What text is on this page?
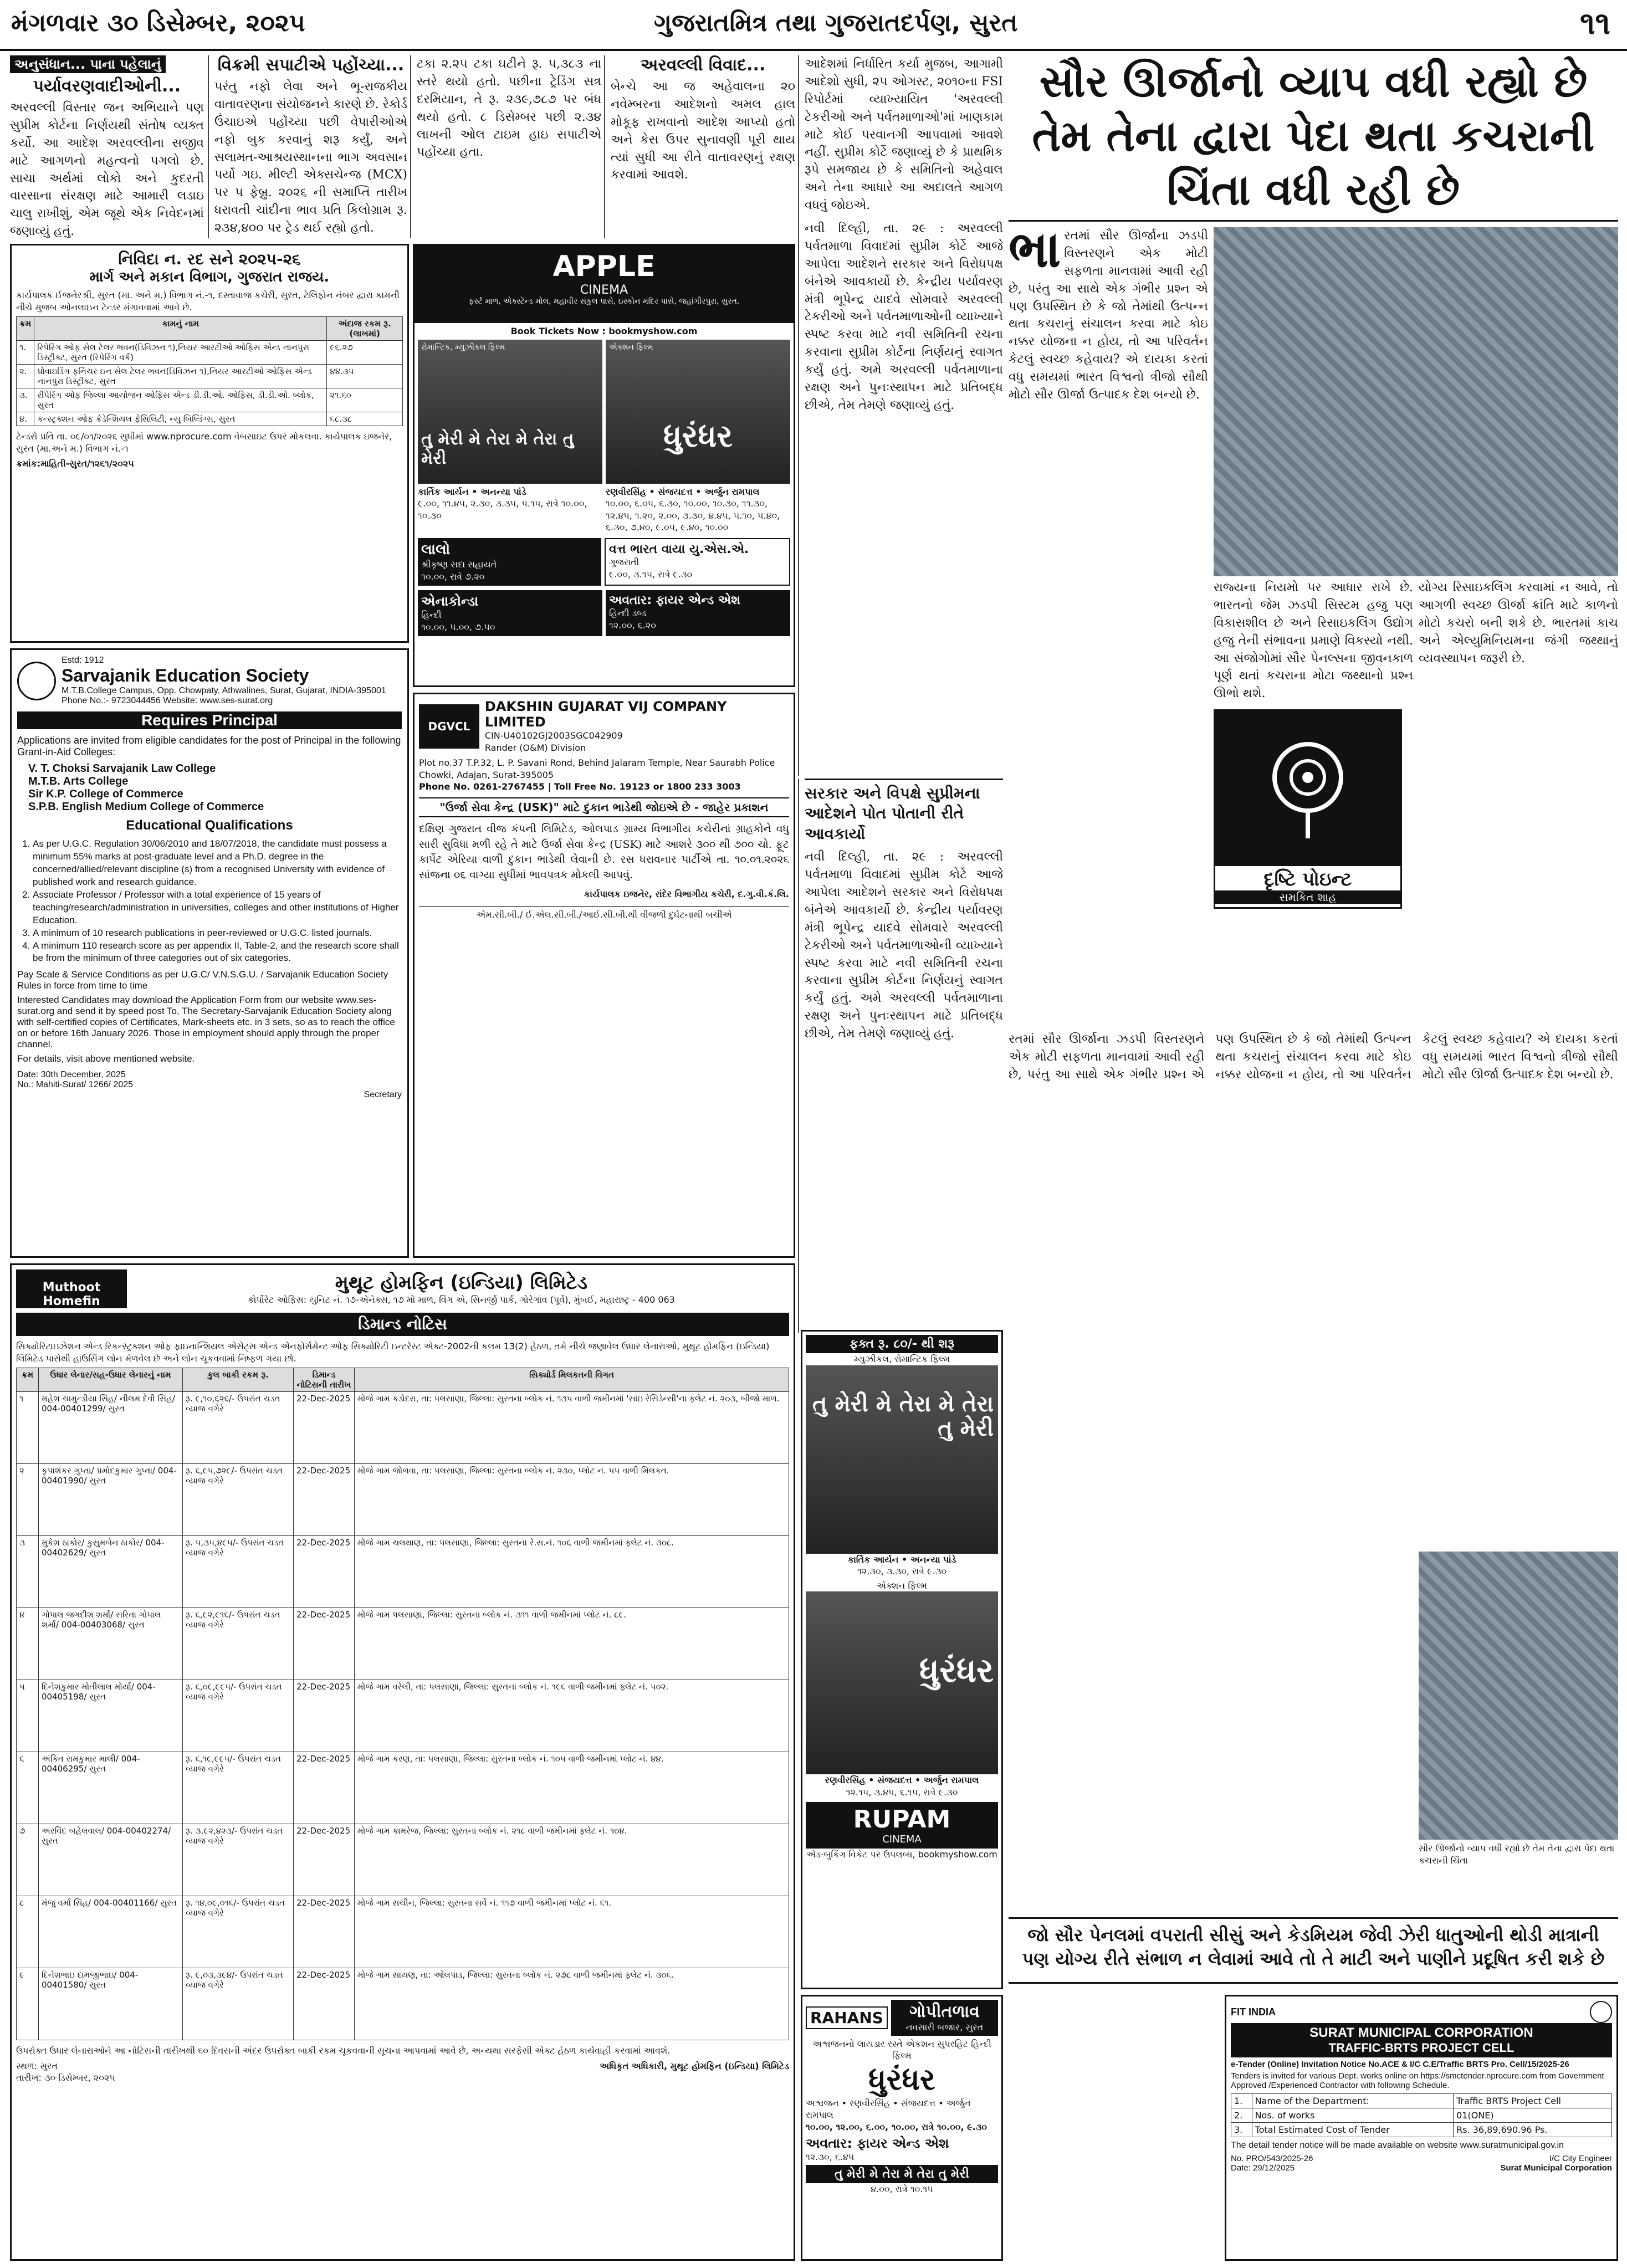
મંગળવાર ૩૦ ડિસેમ્બર, ૨૦૨૫	ગુજરાતમિત્ર તથા ગુજરાતદર્પણ, સુરત	૧૧
અનુસંધાન... પાના પહેલાનું
પર્યાવરણવાદીઓની...
અરવલ્લી વિસ્તાર જન અભિયાને પણ સુપ્રીમ કોર્ટના નિર્ણયથી સંતોષ વ્યક્ત કર્યો. આ આદેશ અરવલ્લીના સજીવ માટે આગળનો મહત્વનો પગલો છે. સાચા અર્થમાં લોકો અને કુદરતી વારસાના સંરક્ષણ માટે આમારી લડાઇ ચાલુ રાખીશું, એમ જૂથે એક નિવેદનમાં જણાવ્યું હતું.
વિક્રમી સપાટીએ પહોંચ્યા...
પરંતુ નફો લેવા અને ભૂ-રાજકીય વાતાવરણના સંયોજનને કારણે છે. રેકોર્ડ ઉંચાઇએ પહોંચ્યા પછી વેપારીઓએ નફો બુક કરવાનું શરૂ કર્યું, અને સલામત-આશ્રયસ્થાનના ભાગ અવસાન પર્યો ગઇ. મીલ્ટી એક્સચેન્જ (MCX) પર ૫ ફેબ્રુ. ૨૦૨૬ ની સમાપ્તિ તારીખ ધરાવતી ચાંદીના ભાવ પ્રતિ કિલોગ્રામ રૂ. ૨૩૪,૪૦૦ પર ટ્રેડ થઈ રહ્યો હતો.
ટકા ૨.૨૫ ટકા ઘટીને રૂ. ૫,૩૮૩ ના સ્તરે થયો હતો. પછીના ટ્રેડિંગ સત્ર દરમિયાન, તે રૂ. ૨૩૯,૭૮૭ પર બંધ થયો હતો. ૮ ડિસેમ્બર પછી ૨.૩૪ લાખની ઓલ ટાઇમ હાઇ સપાટીએ પહોંચ્યા હતા.
અરવલ્લી વિવાદ...
બેન્ચે આ જ અહેવાલના ૨૦ નવેમ્બરના આદેશનો અમલ હાલ મોકૂફ રાખવાનો આદેશ આપ્યો હતો અને કેસ ઉપર સુનાવણી પૂરી થાય ત્યાં સુધી આ રીતે વાતાવરણનું રક્ષણ કરવામાં આવશે.
આદેશમાં નિર્ધારિત કર્યા મુજબ, આગામી આદેશો સુધી, ૨૫ ઓગસ્ટ, ૨૦૧૦ના FSI રિપોર્ટમાં વ્યાખ્યાયિત 'અરવલ્લી ટેકરીઓ અને પર્વતમાળાઓ'માં ખાણકામ માટે કોઈ પરવાનગી આપવામાં આવશે નહીં. સુપ્રીમ કોર્ટે જણાવ્યું છે કે પ્રાથમિક રૂપે સમજાય છે કે સમિતિનો અહેવાલ અને તેના આધારે આ અદાલતે આગળ વધવું જોઇએ.
નવી દિલ્હી, તા. ૨૯ : અરવલ્લી પર્વતમાળા વિવાદમાં સુપ્રીમ કોર્ટે આજે આપેલા આદેશને સરકાર અને વિરોધપક્ષ બંનેએ આવકાર્યો છે. કેન્દ્રીય પર્યાવરણ મંત્રી ભૂપેન્દ્ર યાદવે સોમવારે અરવલ્લી ટેકરીઓ અને પર્વતમાળાઓની વ્યાખ્યાને સ્પષ્ટ કરવા માટે નવી સમિતિની રચના કરવાના સુપ્રીમ કોર્ટના નિર્ણયનું સ્વાગત કર્યું હતું. અમે અરવલ્લી પર્વતમાળાના રક્ષણ અને પુનઃસ્થાપન માટે પ્રતિબદ્ધ છીએ, તેમ તેમણે જણાવ્યું હતું.
સૌર ઊર્જાનો વ્યાપ વધી રહ્યો છે તેમ તેના દ્વારા પેદા થતા કચરાની ચિંતા વધી રહી છે
ભા રતમાં સૌર ઊર્જાના ઝડપી વિસ્તરણને એક મોટી સફળતા માનવામાં આવી રહી છે, પરંતુ આ સાથે એક ગંભીર પ્રશ્ન એ પણ ઉપસ્થિત છે કે જો તેમાંથી ઉત્પન્ન થતા કચરાનું સંચાલન કરવા માટે કોઇ નક્કર યોજના ન હોય, તો આ પરિવર્તન કેટલું સ્વચ્છ કહેવાય? એ દાયકા કરતાં વધુ સમયમાં ભારત વિશ્વનો ત્રીજો સૌથી મોટો સૌર ઊર્જા ઉત્પાદક દેશ બન્યો છે.
રાજ્યના નિયમો પર આધાર રાખે છે. ભારતનો જેમ ઝડપી સિસ્ટમ હજુ પણ વિકાસશીલ છે અને રિસાઇકલિંગ ઉદ્યોગ હજુ તેની સંભાવના પ્રમાણે વિકસ્યો નથી. આ સંજોગોમાં સૌર પેનલ્સના જીવનકાળ પૂર્ણ થતાં કચરાના મોટા જથ્થાનો પ્રશ્ન ઊભો થશે.
યોગ્ય રિસાઇકલિંગ કરવામાં ન આવે, તો આગળી સ્વચ્છ ઊર્જા ક્રાંતિ માટે કાળનો મોટો કચરો બની શકે છે. ભારતમાં કાચ અને એલ્યુમિનિયમના જંગી જથ્થાનું વ્યવસ્થાપન જરૂરી છે.
દૃષ્ટિ પોઇન્ટ
સમકિત શાહ
રતમાં સૌર ઊર્જાના ઝડપી વિસ્તરણને એક મોટી સફળતા માનવામાં આવી રહી છે, પરંતુ આ સાથે એક ગંભીર પ્રશ્ન એ પણ ઉપસ્થિત છે કે જો તેમાંથી ઉત્પન્ન થતા કચરાનું સંચાલન કરવા માટે કોઇ નક્કર યોજના ન હોય, તો આ પરિવર્તન કેટલું સ્વચ્છ કહેવાય? એ દાયકા કરતાં વધુ સમયમાં ભારત વિશ્વનો ત્રીજો સૌથી મોટો સૌર ઊર્જા ઉત્પાદક દેશ બન્યો છે.
જો સૌર પેનલમાં વપરાતી સીસું અને કેડમિયમ જેવી ઝેરી ધાતુઓની થોડી માત્રાની પણ યોગ્ય રીતે સંભાળ ન લેવામાં આવે તો તે માટી અને પાણીને પ્રદૂષિત કરી શકે છે
નિવિદા ન. રદ સને ૨૦૨૫-૨૬
માર્ગ અને મકાન વિભાગ, ગુજરાત રાજય.
કાર્યપાલક ઈજનેરશ્રી, સુરત (મા. અને મ.) વિભાગ નં.-૧, દસ્તાવાજ કચેરી, સુરત, ટેલિફોન નંબર દ્વારા કામની નીચે મુજબ ઓનલાઇન ટેન્ડર મંગાવવામાં આવે છે.
ક્રમ	કામનું નામ	અંદાજ રકમ રૂ.(લાખમાં)
૧.	રિપેરિંગ ઓફ સેલ ટેલર ભવન(ડિવિઝન ૧),નિયર આરટીઓ ઓફિસ એન્ડ નાનપુરા ડિસ્ટ્રીક્ટ, સુરત (રિપેરિંગ વર્ક)	૯૬.૨૭
૨.	પ્રોવાઇડિંગ ફર્નિચર ઇન સેલ ટેલર ભવન(ડિવિઝન ૧),નિયર આરટીઓ ઓફિસ એન્ડ નાનપુરા ડિસ્ટ્રીક્ટ, સુરત	૪૪.૩૫
૩.	રીપેરિંગ ઓફ જિલ્લા આયોજન ઓફિસ એન્ડ ડી.ડી.ઓ. ઓફિસ, ડી.ડી.ઓ. બ્લોક, સુરત	૨૧.૬૦
૪.	કન્સ્ટ્રક્શન ઓફ ક્રેડેન્શિયલ ફેસિલિટી, ન્યુ બિલ્ડિંગ્સ, સુરત	૬૮.૩૮
ટેન્ડરો પ્રતિ તા. ૦૯/૦૧/૨૦૨૬ સુધીમાં www.nprocure.com વેબસાઇટ ઉપર મોકલવા. કાર્યપાલક ઇજનેર, સુરત (મા.અને મ.) વિભાગ નં.-૧
ક્રમાંક:માહિતી-સુરત/૧૨૬૧/૨૦૨૫
Estd: 1912
Sarvajanik Education Society
M.T.B.College Campus, Opp. Chowpaty, Athwalines, Surat, Gujarat, INDIA-395001
Phone No.:- 9723044456 Website: www.ses-surat.org
Requires Principal
Applications are invited from eligible candidates for the post of Principal in the following Grant-in-Aid Colleges:
V. T. Choksi Sarvajanik Law College
M.T.B. Arts College
Sir K.P. College of Commerce
S.P.B. English Medium College of Commerce
Educational Qualifications
1. As per U.G.C. Regulation 30/06/2010 and 18/07/2018, the candidate must possess a minimum 55% marks at post-graduate level and a Ph.D. degree in the concerned/allied/relevant discipline (s) from a recognised University with evidence of published work and research guidance.
2. Associate Professor / Professor with a total experience of 15 years of teaching/research/administration in universities, colleges and other institutions of Higher Education.
3. A minimum of 10 research publications in peer-reviewed or U.G.C. listed journals.
4. A minimum 110 research score as per appendix II, Table-2, and the research score shall be from the minimum of three categories out of six categories.
Pay Scale & Service Conditions as per U.G.C/ V.N.S.G.U. / Sarvajanik Education Society Rules in force from time to time
Interested Candidates may download the Application Form from our website www.ses-surat.org and send it by speed post To, The Secretary-Sarvajanik Education Society along with self-certified copies of Certificates, Mark-sheets etc. in 3 sets, so as to reach the office on or before 16th January 2026. Those in employment should apply through the proper channel.
For details, visit above mentioned website.
Date: 30th December, 2025
No.: Mahiti-Surat/ 1266/ 2025
Secretary
APPLE
CINEMA
ફર્સ્ટ માળ, એક્સ્ટેન્ડ મોલ, મહાવીર સંકુલ પાસે, ઇસ્કોન મંદિર પાસે, જહાંગીરપુરા, સુરત.
Book Tickets Now : bookmyshow.com
રોમાન્ટિક, મ્યુઝીકલ ફિલ્મ
તુ મેરી મે તેરા મે તેરા તુ મેરી
એક્શન ફિલ્મ
ધુરંધર
કાર્તિક આર્યન • અનન્યા પાંડે
૯.૦૦, ૧૧.૪૫, ૨.૩૦, ૩.૩૫, ૫.૧૫, રાત્રે ૧૦.૦૦, ૧૦.૩૦
રણવીરસિંહ • સંજયદત્ત • અર્જુન રામપાલ
૧૦.૦૦, ૬.૦૫, ૬.૩૦, ૧૦.૦૦, ૧૦.૩૦, ૧૧.૩૦, ૧૨.૪૫, ૧.૨૦, ૨.૦૦, ૩.૩૦, ૪.૪૫, ૫.૧૦, ૫.૪૦, ૬.૩૦, ૭.૪૦, ૯.૦૫, ૯.૪૦, ૧૦.૦૦
લાલો
શ્રીકૃષ્ણ સદા સહાયતે
૧૦.૦૦, રાત્રે ૭.૨૦
વત્ત ભારત વાયા યુ.એસ.એ.
ગુજરાતી
૯.૦૦, ૩.૧૫, રાત્રે ૯.૩૦
એનાકોન્ડા
હિન્દી
૧૦.૦૦, ૫.૦૦, ૭.૫૦
અવતાર: ફાયર એન્ડ એશ
હિન્દી ડબ્ડ
૧૨.૦૦, ૬.૨૦
DGVCL
DAKSHIN GUJARAT VIJ COMPANY LIMITED
CIN-U40102GJ2003SGC042909
Rander (O&M) Division
Plot no.37 T.P.32, L. P. Savani Rond, Behind Jalaram Temple, Near Saurabh Police Chowki, Adajan, Surat-395005
Phone No. 0261-2767455 | Toll Free No. 19123 or 1800 233 3003
"ઉર્જા સેવા કેન્દ્ર (USK)" માટે દુકાન ભાડેથી જોઇએ છે - જાહેર પ્રકાશન
દક્ષિણ ગુજરાત વીજ કંપની લિમિટેડ, ઓલપાડ ગ્રામ્ય વિભાગીય કચેરીનાં ગ્રાહકોને વધુ સારી સુવિધા મળી રહે તે માટે ઉર્જા સેવા કેન્દ્ર (USK) માટે આશરે ૩૦૦ થી ૭૦૦ ચો. ફૂટ કાર્પેટ એરિયા વાળી દુકાન ભાડેથી લેવાની છે. રસ ધરાવનાર પાર્ટીએ તા. ૧૦.૦૧.૨૦૨૬ સાંજના ૦૬ વાગ્યા સુધીમાં ભાવપત્રક મોકલી આપવું.
કાર્યપાલક ઇજનેર, રાંદેર વિભાગીય કચેરી, દ.ગુ.વી.કં.લિ.
એમ.સી.બી./ ઈ.એલ.સી.બી./આઈ.સી.બી.થી વીજળી દુર્ઘટનાથી બચીએ
સરકાર અને વિપક્ષે સુપ્રીમના આદેશને પોત પોતાની રીતે આવકાર્યો
નવી દિલ્હી, તા. ૨૯ : અરવલ્લી પર્વતમાળા વિવાદમાં સુપ્રીમ કોર્ટે આજે આપેલા આદેશને સરકાર અને વિરોધપક્ષ બંનેએ આવકાર્યો છે. કેન્દ્રીય પર્યાવરણ મંત્રી ભૂપેન્દ્ર યાદવે સોમવારે અરવલ્લી ટેકરીઓ અને પર્વતમાળાઓની વ્યાખ્યાને સ્પષ્ટ કરવા માટે નવી સમિતિની રચના કરવાના સુપ્રીમ કોર્ટના નિર્ણયનું સ્વાગત કર્યું હતું. અમે અરવલ્લી પર્વતમાળાના રક્ષણ અને પુનઃસ્થાપન માટે પ્રતિબદ્ધ છીએ, તેમ તેમણે જણાવ્યું હતું.
ફક્ત રૂ. ૮૦/- થી શરૂ
મ્યુઝીકલ, રોમાન્ટિક ફિલ્મ
તુ મેરી મે તેરા મે તેરા તુ મેરી
કાર્તિક આર્યન • અનન્યા પાંડે
૧૨.૩૦, ૩.૩૦, રાત્રે ૯.૩૦
એક્શન ફિલ્મ
ધુરંધર
રણવીરસિંહ • સંજયદત્ત • અર્જુન રામપાલ
૧૨.૧૫, ૩.૪૫, ૬.૧૫, રાત્રે ૯.૩૦
RUPAM
CINEMA
એડ-બુકિંગ વિકેટ પર ઉપલબ્ધ, bookmyshow.com
RAHANS	ગોપીતળાવ
નવસારી બજાર, સુરત
અશ્વજનનો લાયડાર રસ્તે એકશન સુપરહિટ હિન્દી ફિલ્મ
ધુરંધર
અશ્વજન • રણવીરસિંહ • સંજયદત્ત • અર્જુન રામપાલ
૧૦.૦૦, ૧૨.૦૦, ૬.૦૦, ૧૦.૦૦, રાત્રે ૧૦.૦૦, ૯.૩૦
અવતાર: ફાયર એન્ડ એશ
૧૨.૩૦, ૬.૪૫
તુ મેરી મે તેરા મે તેરા તુ મેરી
૪.૦૦, રાત્રે ૧૦.૧૫
Muthoot Homefin
મુથૂટ હોમફિન (ઇન્ડિયા) લિમિટેડ
કોર્પોરેટ ઓફિસ: યુનિટ નં. ૧૭-એનેક્સ, ૧૭ મો માળ, વિંગ એ, સિનર્જી પાર્ક, ગોરેગાંવ (પૂર્વ), મુંબઈ, મહારાષ્ટ્ર - 400 063
ડિમાન્ડ નોટિસ
સિક્યોરિટાઇઝેશન એન્ડ રિકન્સ્ટ્રક્શન ઓફ ફાઇનાન્શિયલ એસેટ્સ એન્ડ એનફોર્સમેન્ટ ઓફ સિક્યોરિટી ઇન્ટરેસ્ટ એક્ટ-2002ની કલમ 13(2) હેઠળ, તમે નીચે જણાવેલ ઉધાર લેનારાઓ, મુથૂટ હોમફિન (ઇન્ડિયા) લિમિટેડ પાસેથી હાઉસિંગ લોન મેળવેલ છે અને લોન ચૂકવવામાં નિષ્ફળ ગયા છો.
ક્રમ	ઉધાર લેનાર/સહ-ઉધાર લેનારનું નામ	કુલ બાકી રકમ રૂ.	ડિમાન્ડ નોટિસની તારીખ	સિક્યોર્ડ મિલકતની વિગત
૧	મહેશ ચામુન્ડીયા સિંહ/ નીલમ દેવી સિંહ/ 004-00401299/ સુરત	રૂ. ૯,૧૦,૬૨૬/- ઉપરાંત ચડત વ્યાજ વગેરે	22-Dec-2025	મોજે ગામ કડોદરા, તા: પલસાણા, જિલ્લા: સુરતના બ્લોક નં. ૧૩૫ વાળી જમીનમાં 'સાંઇ રેસિડેન્સી'ના ફ્લેટ નં. ૨૦૩, બીજો માળ.
૨	કૃપાશંકર ગુપ્તા/ પ્રમોદકુમાર ગુપ્તા/ 004-00401990/ સુરત	રૂ. ૬,૯૫,૭૨૯/- ઉપરાંત ચડત વ્યાજ વગેરે	22-Dec-2025	મોજે ગામ જોળવા, તા: પલસાણા, જિલ્લા: સુરતના બ્લોક નં. ૨૩૦, પ્લોટ નં. ૫૫ વાળી મિલકત.
૩	મુકેશ ઠાકોર/ કુસુમબેન ઠાકોર/ 004-00402629/ સુરત	રૂ. ૫,૩૫,૪૯૫/- ઉપરાંત ચડત વ્યાજ વગેરે	22-Dec-2025	મોજે ગામ ચલથાણ, તા: પલસાણા, જિલ્લા: સુરતના રે.સ.નં. ૧૦૬ વાળી જમીનમાં ફ્લેટ નં. ૩૦૮.
૪	ગોપાલ જગદીશ શર્મા/ સરિતા ગોપાલ શર્મા/ 004-00403068/ સુરત	રૂ. ૬,૯૨,૯૧૬/- ઉપરાંત ચડત વ્યાજ વગેરે	22-Dec-2025	મોજે ગામ પલસાણા, જિલ્લા: સુરતના બ્લોક નં. ૩૧૧ વાળી જમીનમાં પ્લોટ નં. ૮૯.
૫	દિનેશકુમાર મોતીલાલ મોર્યા/ 004-00405198/ સુરત	રૂ. ૬,૦૯,૯૯૫/- ઉપરાંત ચડત વ્યાજ વગેરે	22-Dec-2025	મોજે ગામ વરેલી, તા: પલસાણા, જિલ્લા: સુરતના બ્લોક નં. ૧૯૬ વાળી જમીનમાં ફ્લેટ નં. ૫૦૨.
૬	અંકિત રામકુમાર માલી/ 004-00406295/ સુરત	રૂ. ૬,૧૯,૯૯૫/- ઉપરાંત ચડત વ્યાજ વગેરે	22-Dec-2025	મોજે ગામ કરણ, તા: પલસાણા, જિલ્લા: સુરતના બ્લોક નં. ૧૦૫ વાળી જમીનમાં પ્લોટ નં. ૪૪.
૭	અરવિંદ બહેલવાલ/ 004-00402274/ સુરત	રૂ. ૩,૯૨,૪૨૩/- ઉપરાંત ચડત વ્યાજ વગેરે	22-Dec-2025	મોજે ગામ કામરેજ, જિલ્લા: સુરતના બ્લોક નં. ૨૧૮ વાળી જમીનમાં ફ્લેટ નં. ૧૦૪.
૮	મંજુ વર્મા સિંહ/ 004-00401166/ સુરત	રૂ. ૧૪,૦૯,૦૧૬/- ઉપરાંત ચડત વ્યાજ વગેરે	22-Dec-2025	મોજે ગામ સચીન, જિલ્લા: સુરતના સર્વે નં. ૧૧૭ વાળી જમીનમાં પ્લોટ નં. ૬૧.
૯	દિનેશભાઇ દામજીભાઇ/ 004-00401580/ સુરત	રૂ. ૯,૦૩,૩૯૪/- ઉપરાંત ચડત વ્યાજ વગેરે	22-Dec-2025	મોજે ગામ સાયણ, તા: ઓલપાડ, જિલ્લા: સુરતના બ્લોક નં. ૨૭૮ વાળી જમીનમાં ફ્લેટ નં. ૩૦૬.
ઉપરોક્ત ઉધાર લેનારાઓને આ નોટિસની તારીખથી ૬૦ દિવસની અંદર ઉપરોક્ત બાકી રકમ ચૂકવવાની સૂચના આપવામાં આવે છે, અન્યથા સરફેસી એક્ટ હેઠળ કાર્યવાહી કરવામાં આવશે.
સ્થળ: સુરત
તારીખ: ૩૦ ડિસેમ્બર, ૨૦૨૫
અધિકૃત અધિકારી, મુથૂટ હોમફિન (ઇન્ડિયા) લિમિટેડ
FIT INDIA
SURAT MUNICIPAL CORPORATION
TRAFFIC-BRTS PROJECT CELL
e-Tender (Online) Invitation Notice No.ACE & I/C C.E/Traffic BRTS Pro. Cell/15/2025-26
Tenders is invited for various Dept. works online on https://smctender.nprocure.com from Government Approved /Experienced Contractor with following Schedule.
1.	Name of the Department:	Traffic BRTS Project Cell
2.	Nos. of works	01(ONE)
3.	Total Estimated Cost of Tender	Rs. 36,89,690.96 Ps.
The detail tender notice will be made available on website www.suratmunicipal.gov.in
No. PRO/543/2025-26
Date: 29/12/2025
I/C City Engineer
Surat Municipal Corporation
સૌર ઊર્જાનો વ્યાપ વધી રહ્યો છે તેમ તેના દ્વારા પેદા થતા કચરાની ચિંતા
